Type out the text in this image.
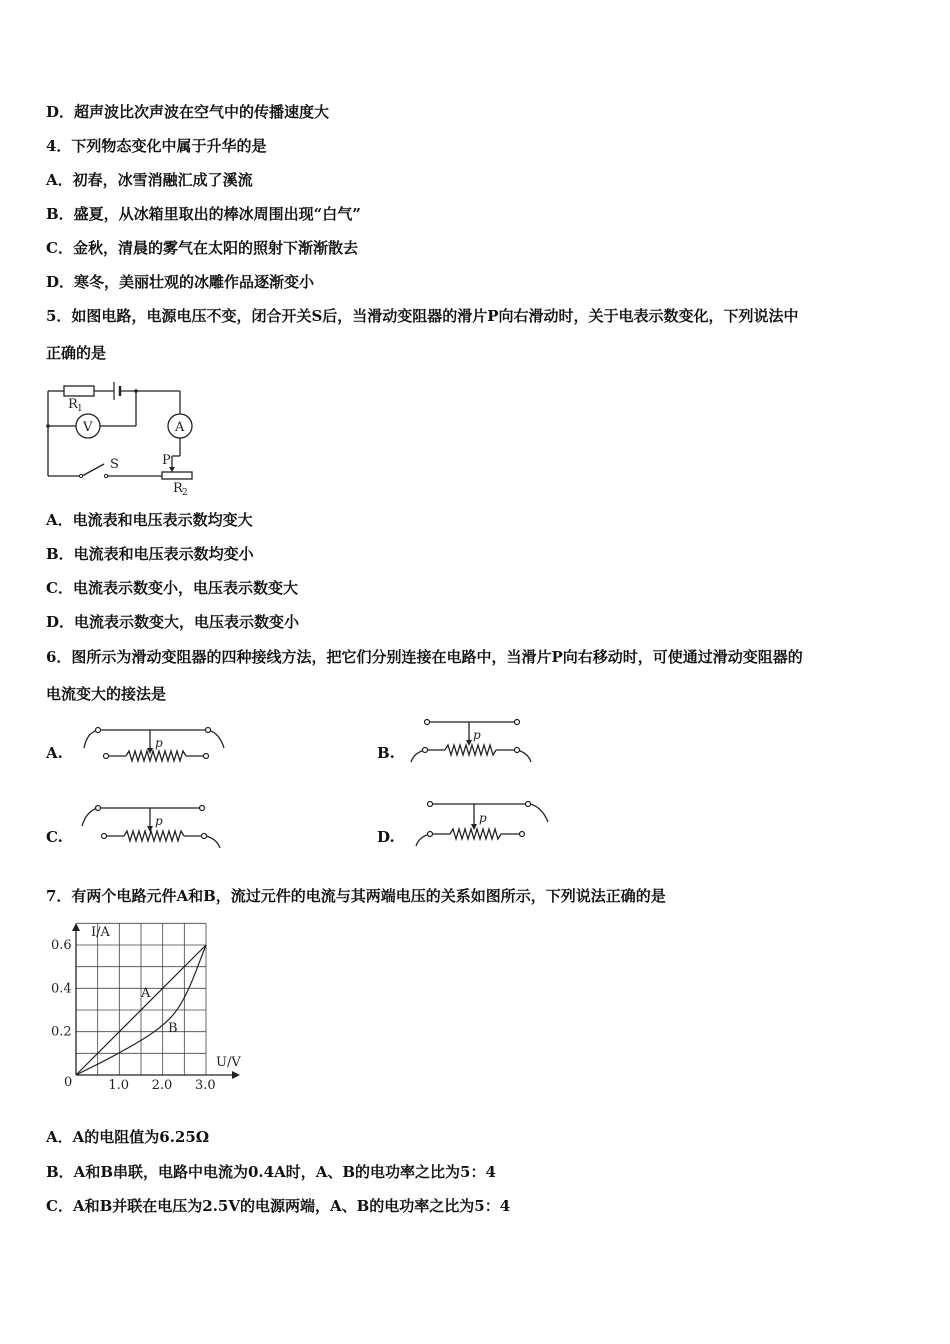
D．超声波比次声波在空气中的传播速度大
4．下列物态变化中属于升华的是
A．初春，冰雪消融汇成了溪流
B．盛夏，从冰箱里取出的棒冰周围出现“白气”
C．金秋，清晨的雾气在太阳的照射下渐渐散去
D．寒冬，美丽壮观的冰雕作品逐渐变小
5．如图电路，电源电压不变，闭合开关S后，当滑动变阻器的滑片P向右滑动时，关于电表示数变化，下列说法中
正确的是
R 1
V	A
S	P
R 2
A．电流表和电压表示数均变大
B．电流表和电压表示数均变小
C．电流表示数变小，电压表示数变大
D．电流表示数变大，电压表示数变小
6．图所示为滑动变阻器的四种接线方法，把它们分别连接在电路中，当滑片P向右移动时，可使通过滑动变阻器的
电流变大的接法是
A.
p
B.
p
C.
p
D.
p
7．有两个电路元件A和B，流过元件的电流与其两端电压的关系如图所示，下列说法正确的是
I/A
U/V
0
A
B
1.0 2.0 3.0
0.2
0.4
0.6
A．A的电阻值为6.25Ω
B．A和B串联，电路中电流为0.4A时，A、B的电功率之比为5：4
C．A和B并联在电压为2.5V的电源两端，A、B的电功率之比为5：4
